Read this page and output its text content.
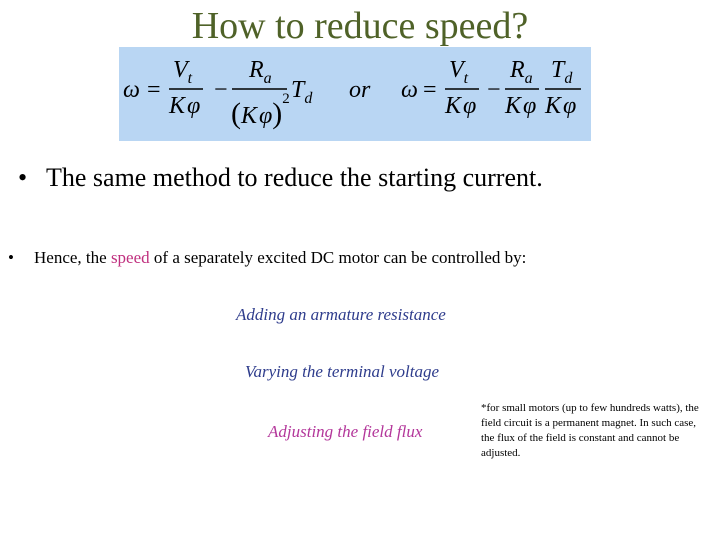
How to reduce speed?
ω =
$V_t$
Kφ
−
$R_a$
$(K\varphi)^2$ $T_d$ or ω =
$V_t$
Kφ
−
$R_a$
Kφ
$T_d$
Kφ
• The same method to reduce the starting current.
• Hence, the speed of a separately excited DC motor can be controlled by:
Adding an armature resistance
Varying the terminal voltage
Adjusting the field flux
*for small motors (up to few hundreds watts), the field circuit is a permanent magnet. In such case, the flux of the field is constant and cannot be adjusted.
